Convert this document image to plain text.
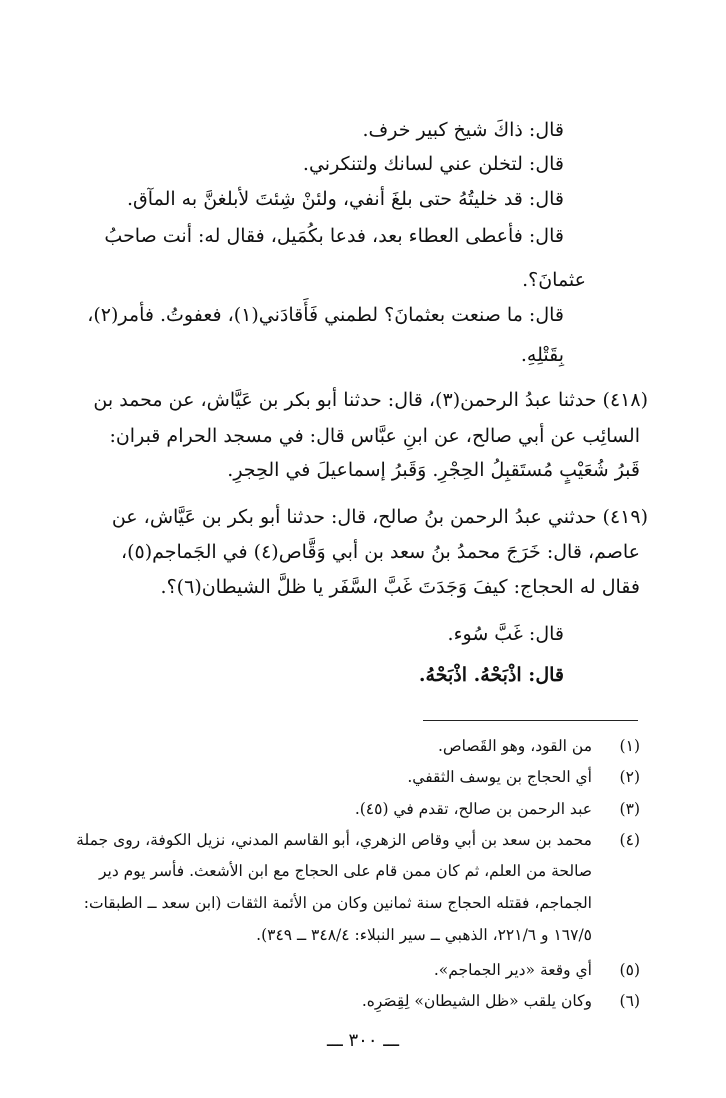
قال: ذاكَ شيخ كبير خرف.
قال: لتخلن عني لسانك ولتنكرني.
قال: قد خليتُهُ حتى بلغَ أنفي، ولئنْ شِئتَ لأبلغنَّ به المآق.
قال: فأعطى العطاء بعد، فدعا بكُمَيل، فقال له: أنت صاحبُ
عثمانَ؟.
قال: ما صنعت بعثمانَ؟ لطمني فَأَقادَني(١)، فعفوتُ. فأمر(٢)،
بِقَتْلِهِ.
(٤١٨) حدثنا عبدُ الرحمن(٣)، قال: حدثنا أبو بكر بن عَيَّاش، عن محمد بن
السائِب عن أبي صالح، عن ابنِ عبَّاس قال: في مسجد الحرام قبران:
قَبرُ شُعَيْبٍ مُستَقبِلُ الحِجْرِ. وَقَبرُ إسماعيلَ في الحِجرِ.
(٤١٩) حدثني عبدُ الرحمن بنُ صالح، قال: حدثنا أبو بكر بن عَيَّاش، عن
عاصم، قال: خَرَجَ محمدُ بنُ سعد بن أبي وَقَّاص(٤) في الجَماجم(٥)،
فقال له الحجاج: كيفَ وَجَدَتَ غَبَّ السَّفَر يا ظلَّ الشيطان(٦)؟.
قال: غَبَّ سُوء.
قال: اذْبَحْهُ. اذْبَحْهُ.
(١)من القود، وهو القَصاص.
(٢)أي الحجاج بن يوسف الثقفي.
(٣)عبد الرحمن بن صالح، تقدم في (٤٥).
(٤)محمد بن سعد بن أبي وقاص الزهري، أبو القاسم المدني، نزيل الكوفة، روى جملة
صالحة من العلم، ثم كان ممن قام على الحجاج مع ابن الأشعث. فأسر يوم دير
الجماجم، فقتله الحجاج سنة ثمانين وكان من الأئمة الثقات (ابن سعد ــ الطبقات:
١٦٧/٥ و ٢٢١/٦، الذهبي ــ سير النبلاء: ٣٤٨/٤ ــ ٣٤٩).
(٥)أي وقعة «دير الجماجم».
(٦)وكان يلقب «ظل الشيطان» لِقِصَرِه.
ـــ ٣٠٠ ـــ
